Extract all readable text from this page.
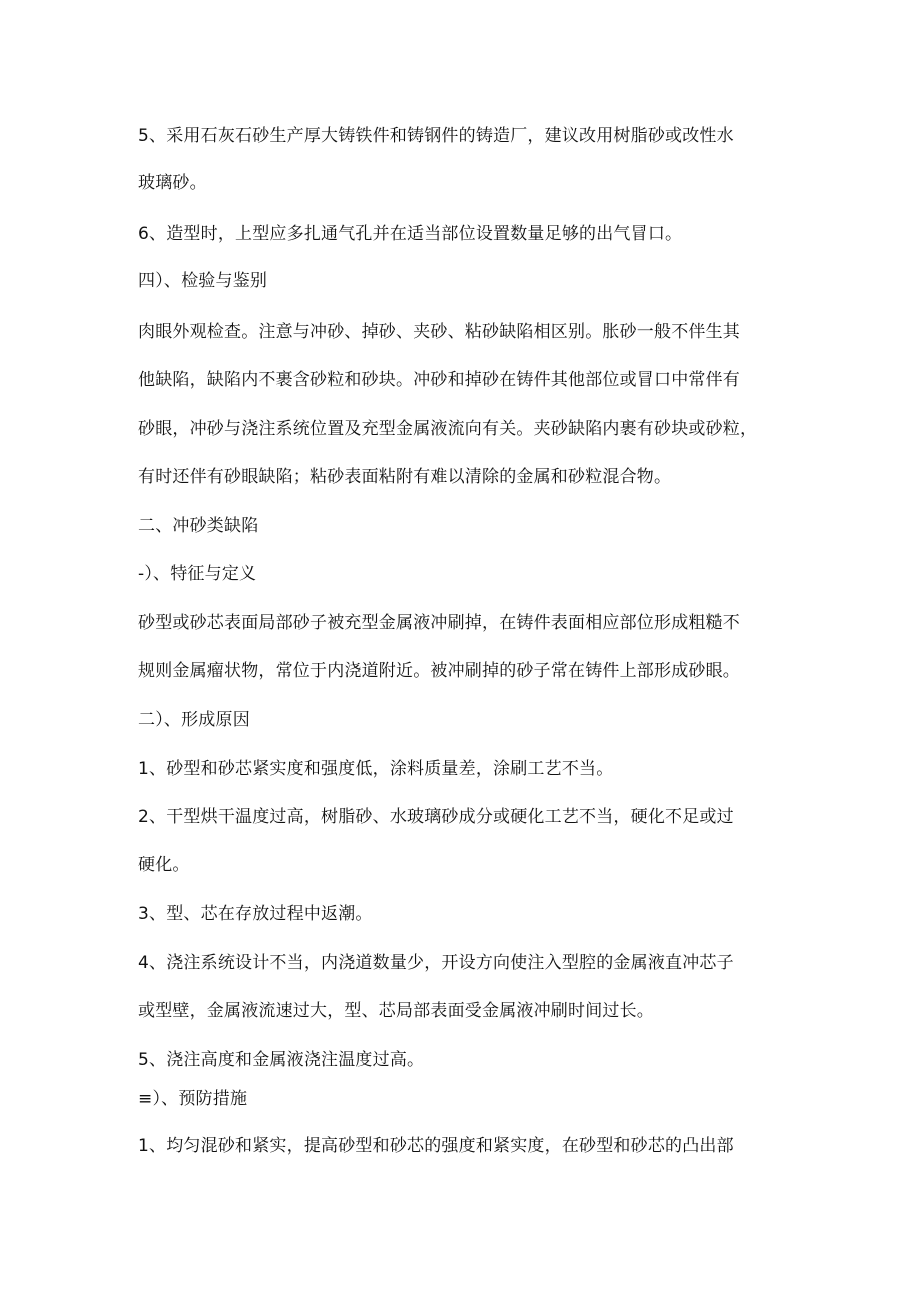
5、采用石灰石砂生产厚大铸铁件和铸钢件的铸造厂，建议改用树脂砂或改性水
玻璃砂。
6、造型时，上型应多扎通气孔并在适当部位设置数量足够的出气冒口。
四）、检验与鉴别
肉眼外观检查。注意与冲砂、掉砂、夹砂、粘砂缺陷相区别。胀砂一般不伴生其
他缺陷，缺陷内不裹含砂粒和砂块。冲砂和掉砂在铸件其他部位或冒口中常伴有
砂眼，冲砂与浇注系统位置及充型金属液流向有关。夹砂缺陷内裹有砂块或砂粒，
有时还伴有砂眼缺陷；粘砂表面粘附有难以清除的金属和砂粒混合物。
二、冲砂类缺陷
-）、特征与定义
砂型或砂芯表面局部砂子被充型金属液冲刷掉，在铸件表面相应部位形成粗糙不
规则金属瘤状物，常位于内浇道附近。被冲刷掉的砂子常在铸件上部形成砂眼。
二）、形成原因
1、砂型和砂芯紧实度和强度低，涂料质量差，涂刷工艺不当。
2、干型烘干温度过高，树脂砂、水玻璃砂成分或硬化工艺不当，硬化不足或过
硬化。
3、型、芯在存放过程中返潮。
4、浇注系统设计不当，内浇道数量少，开设方向使注入型腔的金属液直冲芯子
或型壁，金属液流速过大，型、芯局部表面受金属液冲刷时间过长。
5、浇注高度和金属液浇注温度过高。
≡）、预防措施
1、均匀混砂和紧实，提高砂型和砂芯的强度和紧实度，在砂型和砂芯的凸出部
